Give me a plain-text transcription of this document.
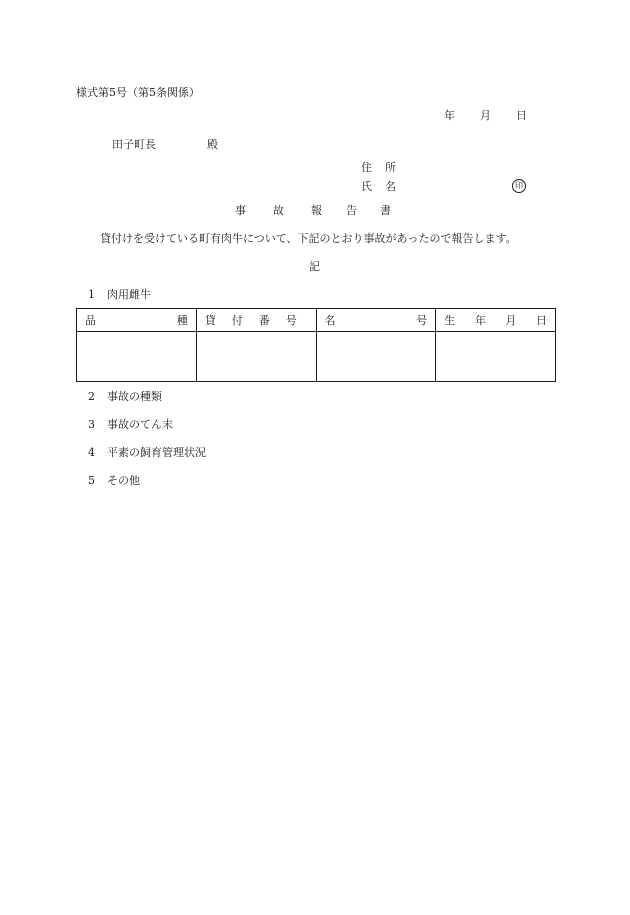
様式第5号（第5条関係）
年 月 日
田子町長	殿
住 所
氏 名	印
事 故 報 告 書
貸付けを受けている町有肉牛について、下記のとおり事故があったので報告します。
記
1 肉用雌牛
品 種	貸 付 番 号	名 号	生 年 月 日

2 事故の種類
3 事故のてん末
4 平素の飼育管理状況
5 その他
